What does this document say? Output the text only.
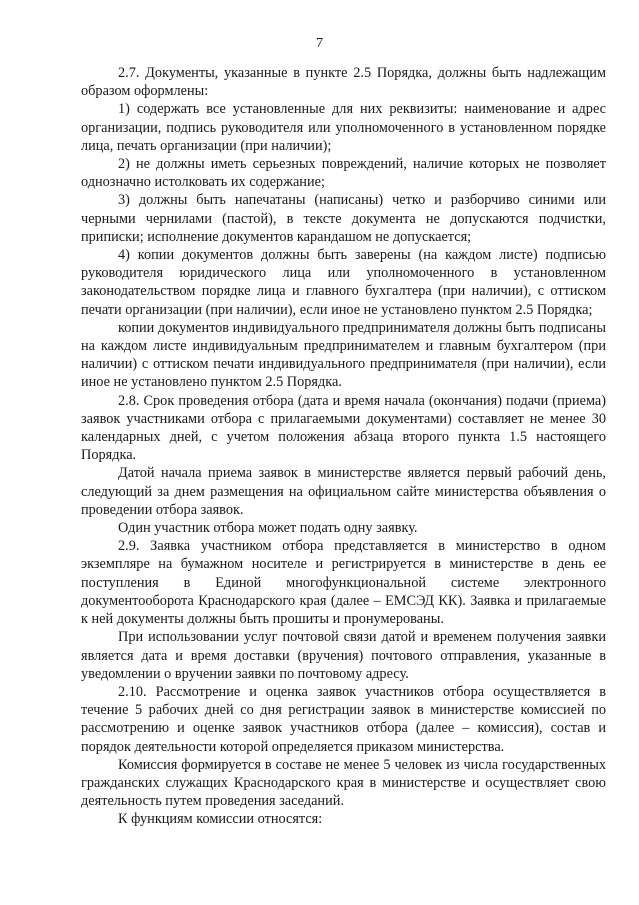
7

2.7. Документы, указанные в пункте 2.5 Порядка, должны быть надлежащим образом оформлены:

1) содержать все установленные для них реквизиты: наименование и адрес организации, подпись руководителя или уполномоченного в установленном порядке лица, печать организации (при наличии);

2) не должны иметь серьезных повреждений, наличие которых не позволяет однозначно истолковать их содержание;

3) должны быть напечатаны (написаны) четко и разборчиво синими или черными чернилами (пастой), в тексте документа не допускаются подчистки, приписки; исполнение документов карандашом не допускается;

4) копии документов должны быть заверены (на каждом листе) подписью руководителя юридического лица или уполномоченного в установленном законодательством порядке лица и главного бухгалтера (при наличии), с оттиском печати организации (при наличии), если иное не установлено пунктом 2.5 Порядка;

копии документов индивидуального предпринимателя должны быть подписаны на каждом листе индивидуальным предпринимателем и главным бухгалтером (при наличии) с оттиском печати индивидуального предпринимателя (при наличии), если иное не установлено пунктом 2.5 Порядка.

2.8. Срок проведения отбора (дата и время начала (окончания) подачи (приема) заявок участниками отбора с прилагаемыми документами) составляет не менее 30 календарных дней, с учетом положения абзаца второго пункта 1.5 настоящего Порядка.

Датой начала приема заявок в министерстве является первый рабочий день, следующий за днем размещения на официальном сайте министерства объявления о проведении отбора заявок.

Один участник отбора может подать одну заявку.

2.9. Заявка участником отбора представляется в министерство в одном экземпляре на бумажном носителе и регистрируется в министерстве в день ее поступления в Единой многофункциональной системе электронного документооборота Краснодарского края (далее – ЕМСЭД КК). Заявка и прилагаемые к ней документы должны быть прошиты и пронумерованы.

При использовании услуг почтовой связи датой и временем получения заявки является дата и время доставки (вручения) почтового отправления, указанные в уведомлении о вручении заявки по почтовому адресу.

2.10. Рассмотрение и оценка заявок участников отбора осуществляется в течение 5 рабочих дней со дня регистрации заявок в министерстве комиссией по рассмотрению и оценке заявок участников отбора (далее – комиссия), состав и порядок деятельности которой определяется приказом министерства.

Комиссия формируется в составе не менее 5 человек из числа государственных гражданских служащих Краснодарского края в министерстве и осуществляет свою деятельность путем проведения заседаний.

К функциям комиссии относятся:
